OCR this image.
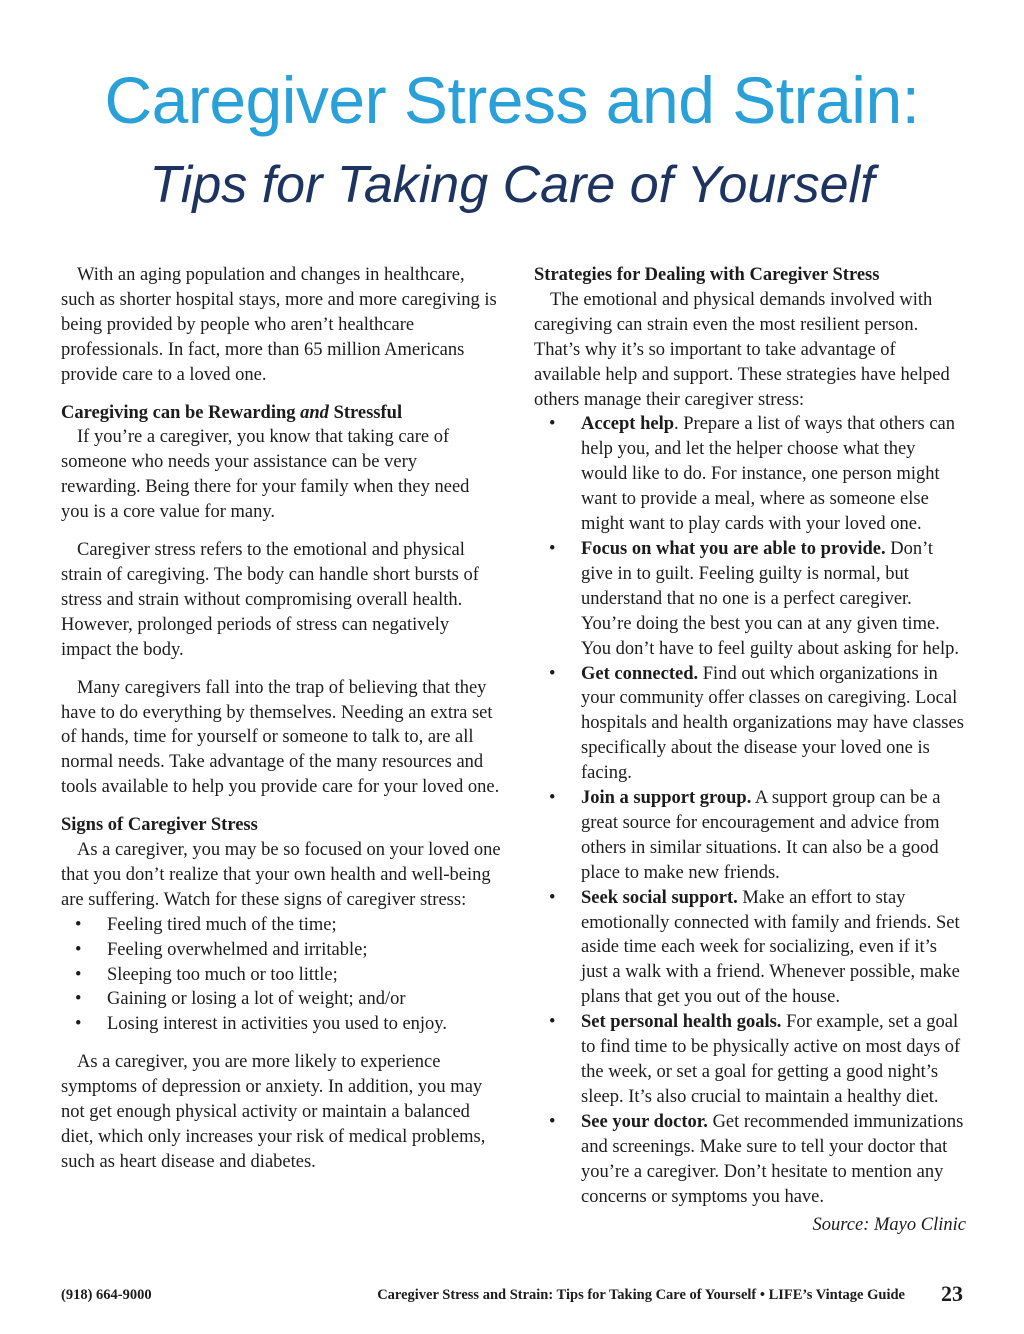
Caregiver Stress and Strain:
Tips for Taking Care of Yourself

With an aging population and changes in healthcare, such as shorter hospital stays, more and more caregiving is being provided by people who aren’t healthcare professionals. In fact, more than 65 million Americans provide care to a loved one.

Caregiving can be Rewarding and Stressful

If you’re a caregiver, you know that taking care of someone who needs your assistance can be very rewarding. Being there for your family when they need you is a core value for many.

Caregiver stress refers to the emotional and physical strain of caregiving. The body can handle short bursts of stress and strain without compromising overall health. However, prolonged periods of stress can negatively impact the body.

Many caregivers fall into the trap of believing that they have to do everything by themselves. Needing an extra set of hands, time for yourself or someone to talk to, are all normal needs. Take advantage of the many resources and tools available to help you provide care for your loved one.

Signs of Caregiver Stress

As a caregiver, you may be so focused on your loved one that you don’t realize that your own health and well-being are suffering. Watch for these signs of caregiver stress:

• Feeling tired much of the time;
• Feeling overwhelmed and irritable;
• Sleeping too much or too little;
• Gaining or losing a lot of weight; and/or
• Losing interest in activities you used to enjoy.

As a caregiver, you are more likely to experience symptoms of depression or anxiety. In addition, you may not get enough physical activity or maintain a balanced diet, which only increases your risk of medical problems, such as heart disease and diabetes.

Strategies for Dealing with Caregiver Stress

The emotional and physical demands involved with caregiving can strain even the most resilient person. That’s why it’s so important to take advantage of available help and support. These strategies have helped others manage their caregiver stress:

• Accept help. Prepare a list of ways that others can help you, and let the helper choose what they would like to do. For instance, one person might want to provide a meal, where as someone else might want to play cards with your loved one.
• Focus on what you are able to provide. Don’t give in to guilt. Feeling guilty is normal, but understand that no one is a perfect caregiver. You’re doing the best you can at any given time. You don’t have to feel guilty about asking for help.
• Get connected. Find out which organizations in your community offer classes on caregiving. Local hospitals and health organizations may have classes specifically about the disease your loved one is facing.
• Join a support group. A support group can be a great source for encouragement and advice from others in similar situations. It can also be a good place to make new friends.
• Seek social support. Make an effort to stay emotionally connected with family and friends. Set aside time each week for socializing, even if it’s just a walk with a friend. Whenever possible, make plans that get you out of the house.
• Set personal health goals. For example, set a goal to find time to be physically active on most days of the week, or set a goal for getting a good night’s sleep. It’s also crucial to maintain a healthy diet.
• See your doctor. Get recommended immunizations and screenings. Make sure to tell your doctor that you’re a caregiver. Don’t hesitate to mention any concerns or symptoms you have.

Source: Mayo Clinic

(918) 664-9000	Caregiver Stress and Strain: Tips for Taking Care of Yourself • LIFE’s Vintage Guide 23
